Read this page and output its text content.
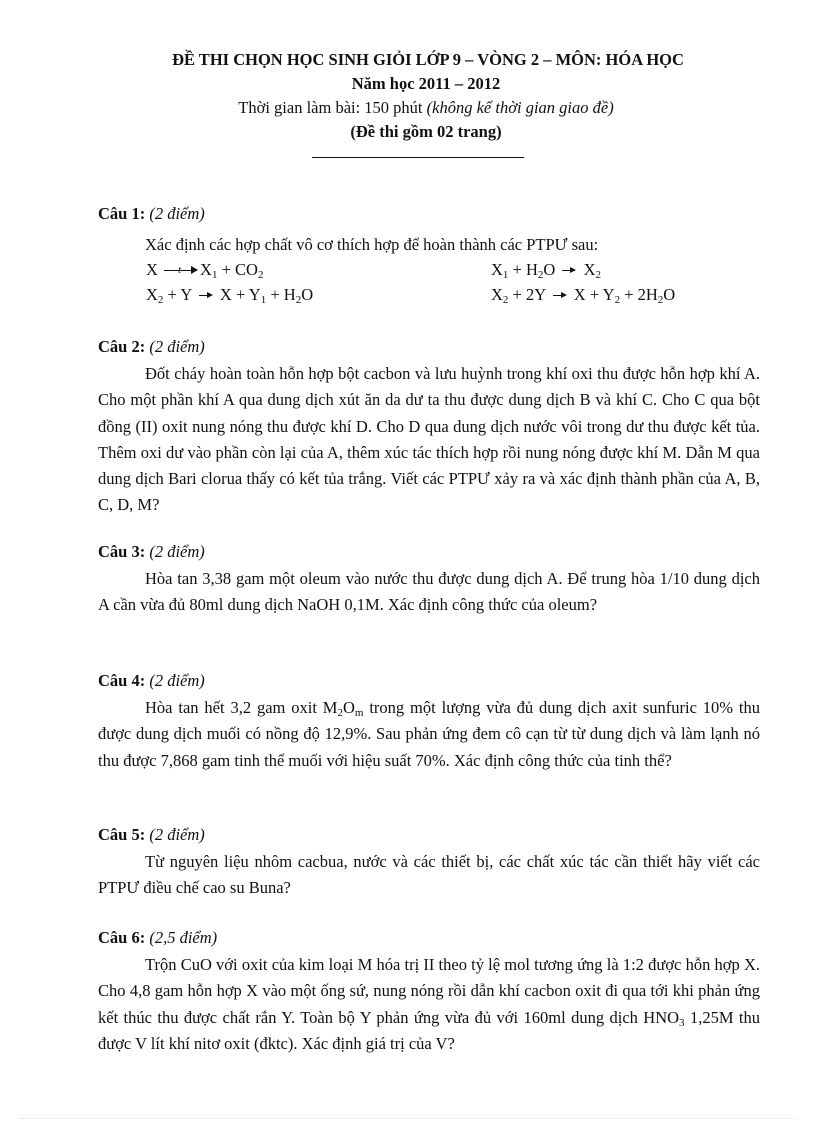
ĐỀ THI CHỌN HỌC SINH GIỎI LỚP 9 – VÒNG 2 – MÔN: HÓA HỌC
Năm học 2011 – 2012
Thời gian làm bài: 150 phút (không kể thời gian giao đề)
(Đề thi gồm 02 trang)
Câu 1: (2 điểm)
Xác định các hợp chất vô cơ thích hợp để hoàn thành các PTPƯ sau:
X t $X_1 + CO_2$	$X_1 + H_2O$  $X_2$
$X_2 + Y$  $X + Y_1 + H_2O$	$X_2 + 2Y$  $X + Y_2 + 2H_2O$
Câu 2: (2 điểm)
Đốt cháy hoàn toàn hỗn hợp bột cacbon và lưu huỳnh trong khí oxi thu được hỗn hợp khí A. Cho một phần khí A qua dung dịch xút ăn da dư ta thu được dung dịch B và khí C. Cho C qua bột đồng (II) oxit nung nóng thu được khí D. Cho D qua dung dịch nước vôi trong dư thu được kết tủa. Thêm oxi dư vào phần còn lại của A, thêm xúc tác thích hợp rồi nung nóng được khí M. Dẫn M qua dung dịch Bari clorua thấy có kết tủa trắng. Viết các PTPƯ xảy ra và xác định thành phần của A, B, C, D, M?
Câu 3: (2 điểm)
Hòa tan 3,38 gam một oleum vào nước thu được dung dịch A. Để trung hòa 1/10 dung dịch A cần vừa đủ 80ml dung dịch NaOH 0,1M. Xác định công thức của oleum?
Câu 4: (2 điểm)
Hòa tan hết 3,2 gam oxit $M_2O_m$ trong một lượng vừa đủ dung dịch axit sunfuric 10% thu được dung dịch muối có nồng độ 12,9%. Sau phản ứng đem cô cạn từ từ dung dịch và làm lạnh nó thu được 7,868 gam tinh thể muối với hiệu suất 70%. Xác định công thức của tinh thể?
Câu 5: (2 điểm)
Từ nguyên liệu nhôm cacbua, nước và các thiết bị, các chất xúc tác cần thiết hãy viết các PTPƯ điều chế cao su Buna?
Câu 6: (2,5 điểm)
Trộn CuO với oxit của kim loại M hóa trị II theo tỷ lệ mol tương ứng là 1:2 được hỗn hợp X. Cho 4,8 gam hỗn hợp X vào một ống sứ, nung nóng rồi dẫn khí cacbon oxit đi qua tới khi phản ứng kết thúc thu được chất rắn Y. Toàn bộ Y phản ứng vừa đủ với 160ml dung dịch $HNO_3$ 1,25M thu được V lít khí nitơ oxit (đktc). Xác định giá trị của V?
